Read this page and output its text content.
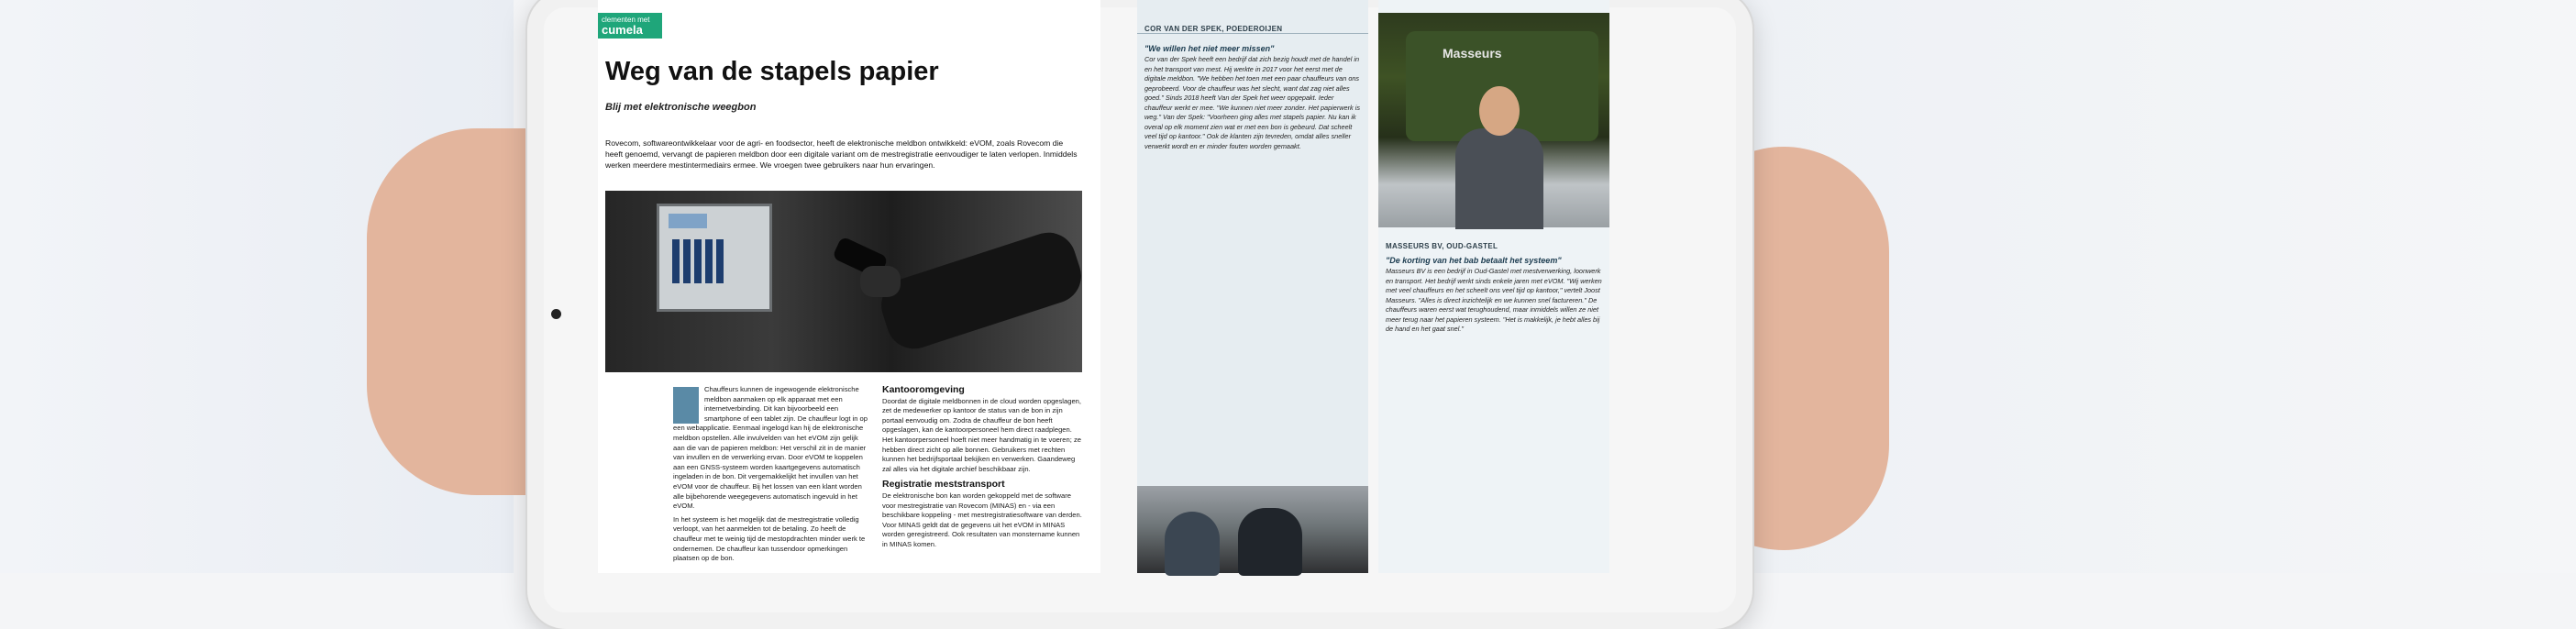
clementen met
cumela
Weg van de stapels papier
Blij met elektronische weegbon
Rovecom, softwareontwikkelaar voor de agri- en foodsector, heeft de elektronische meldbon ontwikkeld: eVOM, zoals Rovecom die heeft genoemd, vervangt de papieren meldbon door een digitale variant om de mestregistratie eenvoudiger te laten verlopen. Inmiddels werken meerdere mestintermediairs ermee. We vroegen twee gebruikers naar hun ervaringen.

Chauffeurs kunnen de ingewogende elektronische meldbon aanmaken op elk apparaat met een internetverbinding. Dit kan bijvoorbeeld een smartphone of een tablet zijn. De chauffeur logt in op een webapplicatie. Eenmaal ingelogd kan hij de elektronische meldbon opstellen. Alle invulvelden van het eVOM zijn gelijk aan die van de papieren meldbon: Het verschil zit in de manier van invullen en de verwerking ervan. Door eVOM te koppelen aan een GNSS-systeem worden kaartgegevens automatisch ingeladen in de bon. Dit vergemakkelijkt het invullen van het eVOM voor de chauffeur. Bij het lossen van een klant worden alle bijbehorende weegegevens automatisch ingevuld in het eVOM.

In het systeem is het mogelijk dat de mestregistratie volledig verloopt, van het aanmelden tot de betaling. Zo heeft de chauffeur met te weinig tijd de mestopdrachten minder werk te ondernemen. De chauffeur kan tussendoor opmerkingen plaatsen op de bon.

Kantooromgeving

Doordat de digitale meldbonnen in de cloud worden opgeslagen, zet de medewerker op kantoor de status van de bon in zijn portaal eenvoudig om. Zodra de chauffeur de bon heeft opgeslagen, kan de kantoorpersoneel hem direct raadplegen. Het kantoorpersoneel hoeft niet meer handmatig in te voeren; ze hebben direct zicht op alle bonnen. Gebruikers met rechten kunnen het bedrijfsportaal bekijken en verwerken. Gaandeweg zal alles via het digitale archief beschikbaar zijn.

Registratie meststransport

De elektronische bon kan worden gekoppeld met de software voor mestregistratie van Rovecom (MINAS) en - via een beschikbare koppeling - met mestregistratiesoftware van derden. Voor MINAS geldt dat de gegevens uit het eVOM in MINAS worden geregistreerd. Ook resultaten van monstername kunnen in MINAS komen.

COR VAN DER SPEK, POEDEROIJEN
"We willen het niet meer missen"
Cor van der Spek heeft een bedrijf dat zich bezig houdt met de handel in en het transport van mest. Hij werkte in 2017 voor het eerst met de digitale meldbon. "We hebben het toen met een paar chauffeurs van ons geprobeerd. Voor de chauffeur was het slecht, want dat zag niet alles goed." Sinds 2018 heeft Van der Spek het weer opgepakt. Ieder chauffeur werkt er mee. "We kunnen niet meer zonder. Het papierwerk is weg." Van der Spek: "Voorheen ging alles met stapels papier. Nu kan ik overal op elk moment zien wat er met een bon is gebeurd. Dat scheelt veel tijd op kantoor." Ook de klanten zijn tevreden, omdat alles sneller verwerkt wordt en er minder fouten worden gemaakt.
Masseurs
MASSEURS BV, OUD-GASTEL
"De korting van het bab betaalt het systeem"
Masseurs BV is een bedrijf in Oud-Gastel met mestverwerking, loonwerk en transport. Het bedrijf werkt sinds enkele jaren met eVOM. "Wij werken met veel chauffeurs en het scheelt ons veel tijd op kantoor," vertelt Joost Masseurs. "Alles is direct inzichtelijk en we kunnen snel factureren." De chauffeurs waren eerst wat terughoudend, maar inmiddels willen ze niet meer terug naar het papieren systeem. "Het is makkelijk, je hebt alles bij de hand en het gaat snel."
